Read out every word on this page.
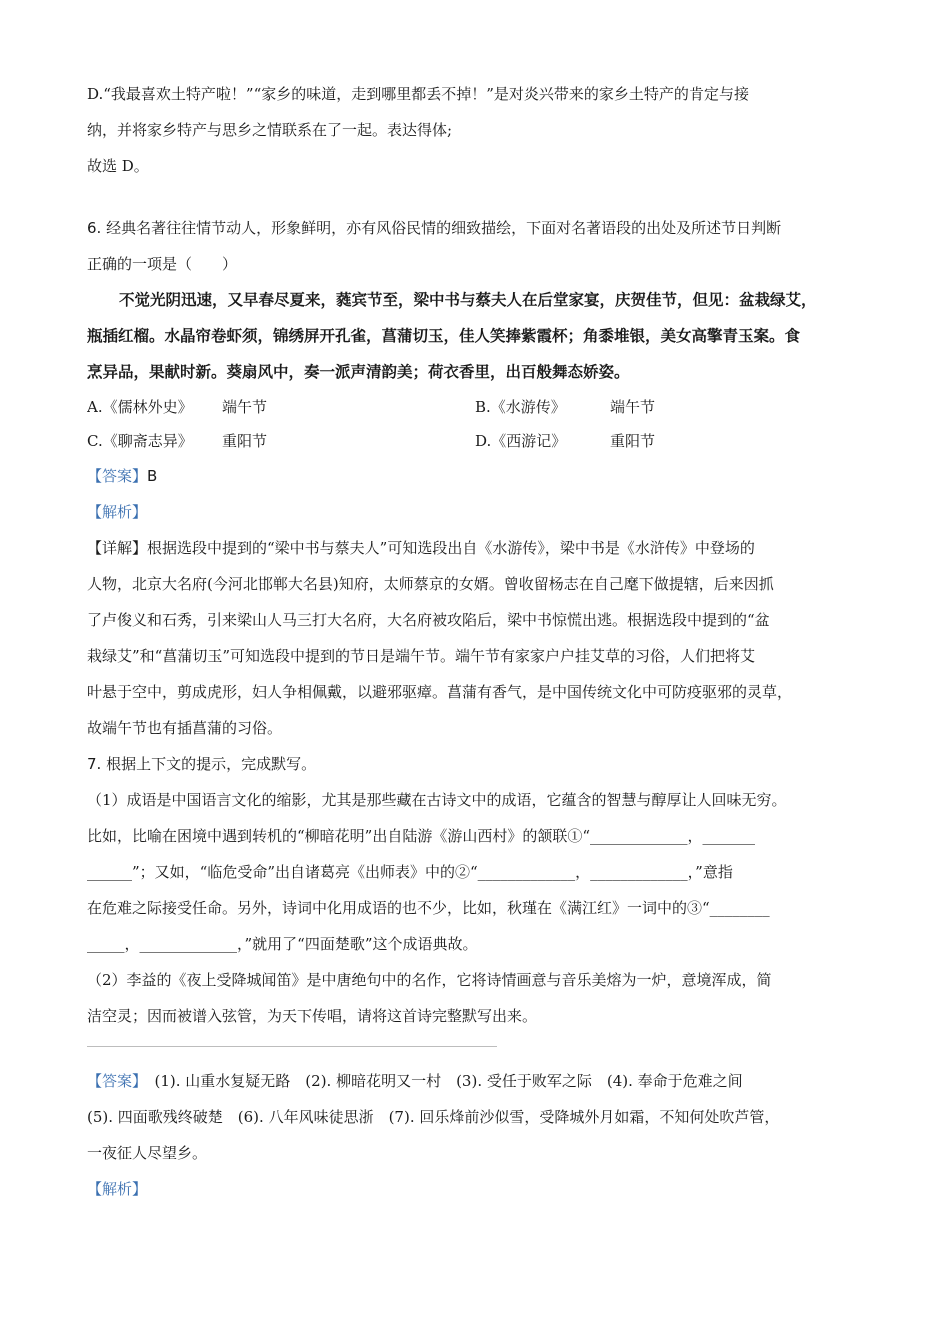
D.“我最喜欢土特产啦！”“家乡的味道，走到哪里都丢不掉！”是对炎兴带来的家乡土特产的肯定与接
纳，并将家乡特产与思乡之情联系在了一起。表达得体;
故选 D。
6. 经典名著往往情节动人，形象鲜明，亦有风俗民情的细致描绘，下面对名著语段的出处及所述节日判断
正确的一项是（　　）
不觉光阴迅速，又早春尽夏来，蕤宾节至，梁中书与蔡夫人在后堂家宴，庆贺佳节，但见：盆栽绿艾，
瓶插红榴。水晶帘卷虾须，锦绣屏开孔雀，菖蒲切玉，佳人笑捧紫霞杯；角黍堆银，美女高擎青玉案。食
烹异品，果献时新。葵扇风中，奏一派声清韵美；荷衣香里，出百般舞态娇姿。
A.《儒林外史》 端午节	B.《水游传》	端午节
C.《聊斋志异》 重阳节	D.《西游记》	重阳节
【答案】B
【解析】
【详解】根据选段中提到的“梁中书与蔡夫人”可知选段出自《水游传》，梁中书是《水浒传》中登场的
人物，北京大名府(今河北邯郸大名县)知府，太师蔡京的女婿。曾收留杨志在自己麾下做提辖，后来因抓
了卢俊义和石秀，引来梁山人马三打大名府，大名府被攻陷后，梁中书惊慌出逃。根据选段中提到的“盆
栽绿艾”和“菖蒲切玉”可知选段中提到的节日是端午节。端午节有家家户户挂艾草的习俗，人们把将艾
叶悬于空中，剪成虎形，妇人争相佩戴，以避邪驱瘴。菖蒲有香气，是中国传统文化中可防疫驱邪的灵草，
故端午节也有插菖蒲的习俗。
7. 根据上下文的提示，完成默写。
（1）成语是中国语言文化的缩影，尤其是那些藏在古诗文中的成语，它蕴含的智慧与醇厚让人回味无穷。
比如，比喻在困境中遇到转机的“柳暗花明”出自陆游《游山西村》的颔联①“_____________，_______
______”；又如，“临危受命”出自诸葛亮《出师表》中的②“_____________，_____________，”意指
在危难之际接受任命。另外，诗词中化用成语的也不少，比如，秋瑾在《满江红》一词中的③“________
_____，_____________，”就用了“四面楚歌”这个成语典故。
（2）李益的《夜上受降城闻笛》是中唐绝句中的名作，它将诗情画意与音乐美熔为一炉，意境浑成，简
洁空灵；因而被谱入弦管，为天下传唱，请将这首诗完整默写出来。
【答案】　(1). 山重水复疑无路　(2). 柳暗花明又一村　(3). 受任于败军之际　(4). 奉命于危难之间
(5). 四面歌残终破楚　(6). 八年风味徒思浙　(7). 回乐烽前沙似雪，受降城外月如霜，不知何处吹芦管，
一夜征人尽望乡。
【解析】
